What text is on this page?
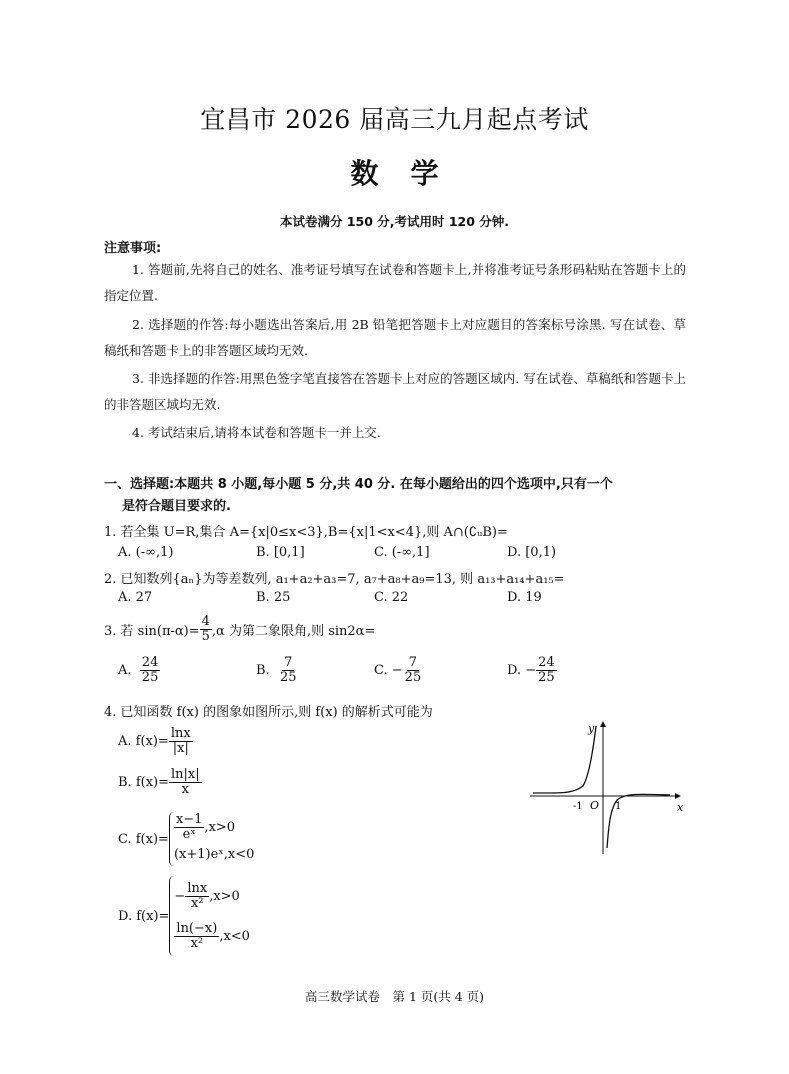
宜昌市 2026 届高三九月起点考试
数学
本试卷满分 150 分,考试用时 120 分钟.
注意事项:
1. 答题前,先将自己的姓名、准考证号填写在试卷和答题卡上,并将准考证号条形码粘贴在答题卡上的指定位置.
2. 选择题的作答:每小题选出答案后,用 2B 铅笔把答题卡上对应题目的答案标号涂黑. 写在试卷、草稿纸和答题卡上的非答题区域均无效.
3. 非选择题的作答:用黑色签字笔直接答在答题卡上对应的答题区域内. 写在试卷、草稿纸和答题卡上的非答题区域均无效.
4. 考试结束后,请将本试卷和答题卡一并上交.
一、选择题:本题共 8 小题,每小题 5 分,共 40 分. 在每小题给出的四个选项中,只有一个
是符合题目要求的.
1. 若全集 U=R,集合 A={x|0≤x<3},B={x|1<x<4},则 A∩(∁ᵤB)=
A. (-∞,1)	B. [0,1]	C. (-∞,1]	D. [0,1)
2. 已知数列{aₙ}为等差数列, a₁+a₂+a₃=7, a₇+a₈+a₉=13, 则 a₁₃+a₁₄+a₁₅=
A. 27	B. 25	C. 22	D. 19
3. 若 $\sin(\pi-\alpha)= \frac{4}{5} ,\alpha$ 为第二象限角,则 sin2α=
A.
$\frac{24}{25}$	B.
$\frac{7}{25}$	C.
− $\frac{7}{25}$	D.
− $\frac{24}{25}$
4. 已知函数 f(x) 的图象如图所示,则 f(x) 的解析式可能为
A. $f(x)= \frac{\ln x}{|x|}$
B. $f(x)= \frac{\ln|x|}{x}$
C. $f(x)= \frac{x-1}{\text{eˣ}} ,x>0$
(x+1)eˣ,x<0
D. f(x)=
− $\frac{\ln x}{\text{x²}} ,x>0$
$\frac{\ln(-x)}{\text{x²}} ,x<0$
y
x
O
-1	1
高三数学试卷　第 1 页(共 4 页)
